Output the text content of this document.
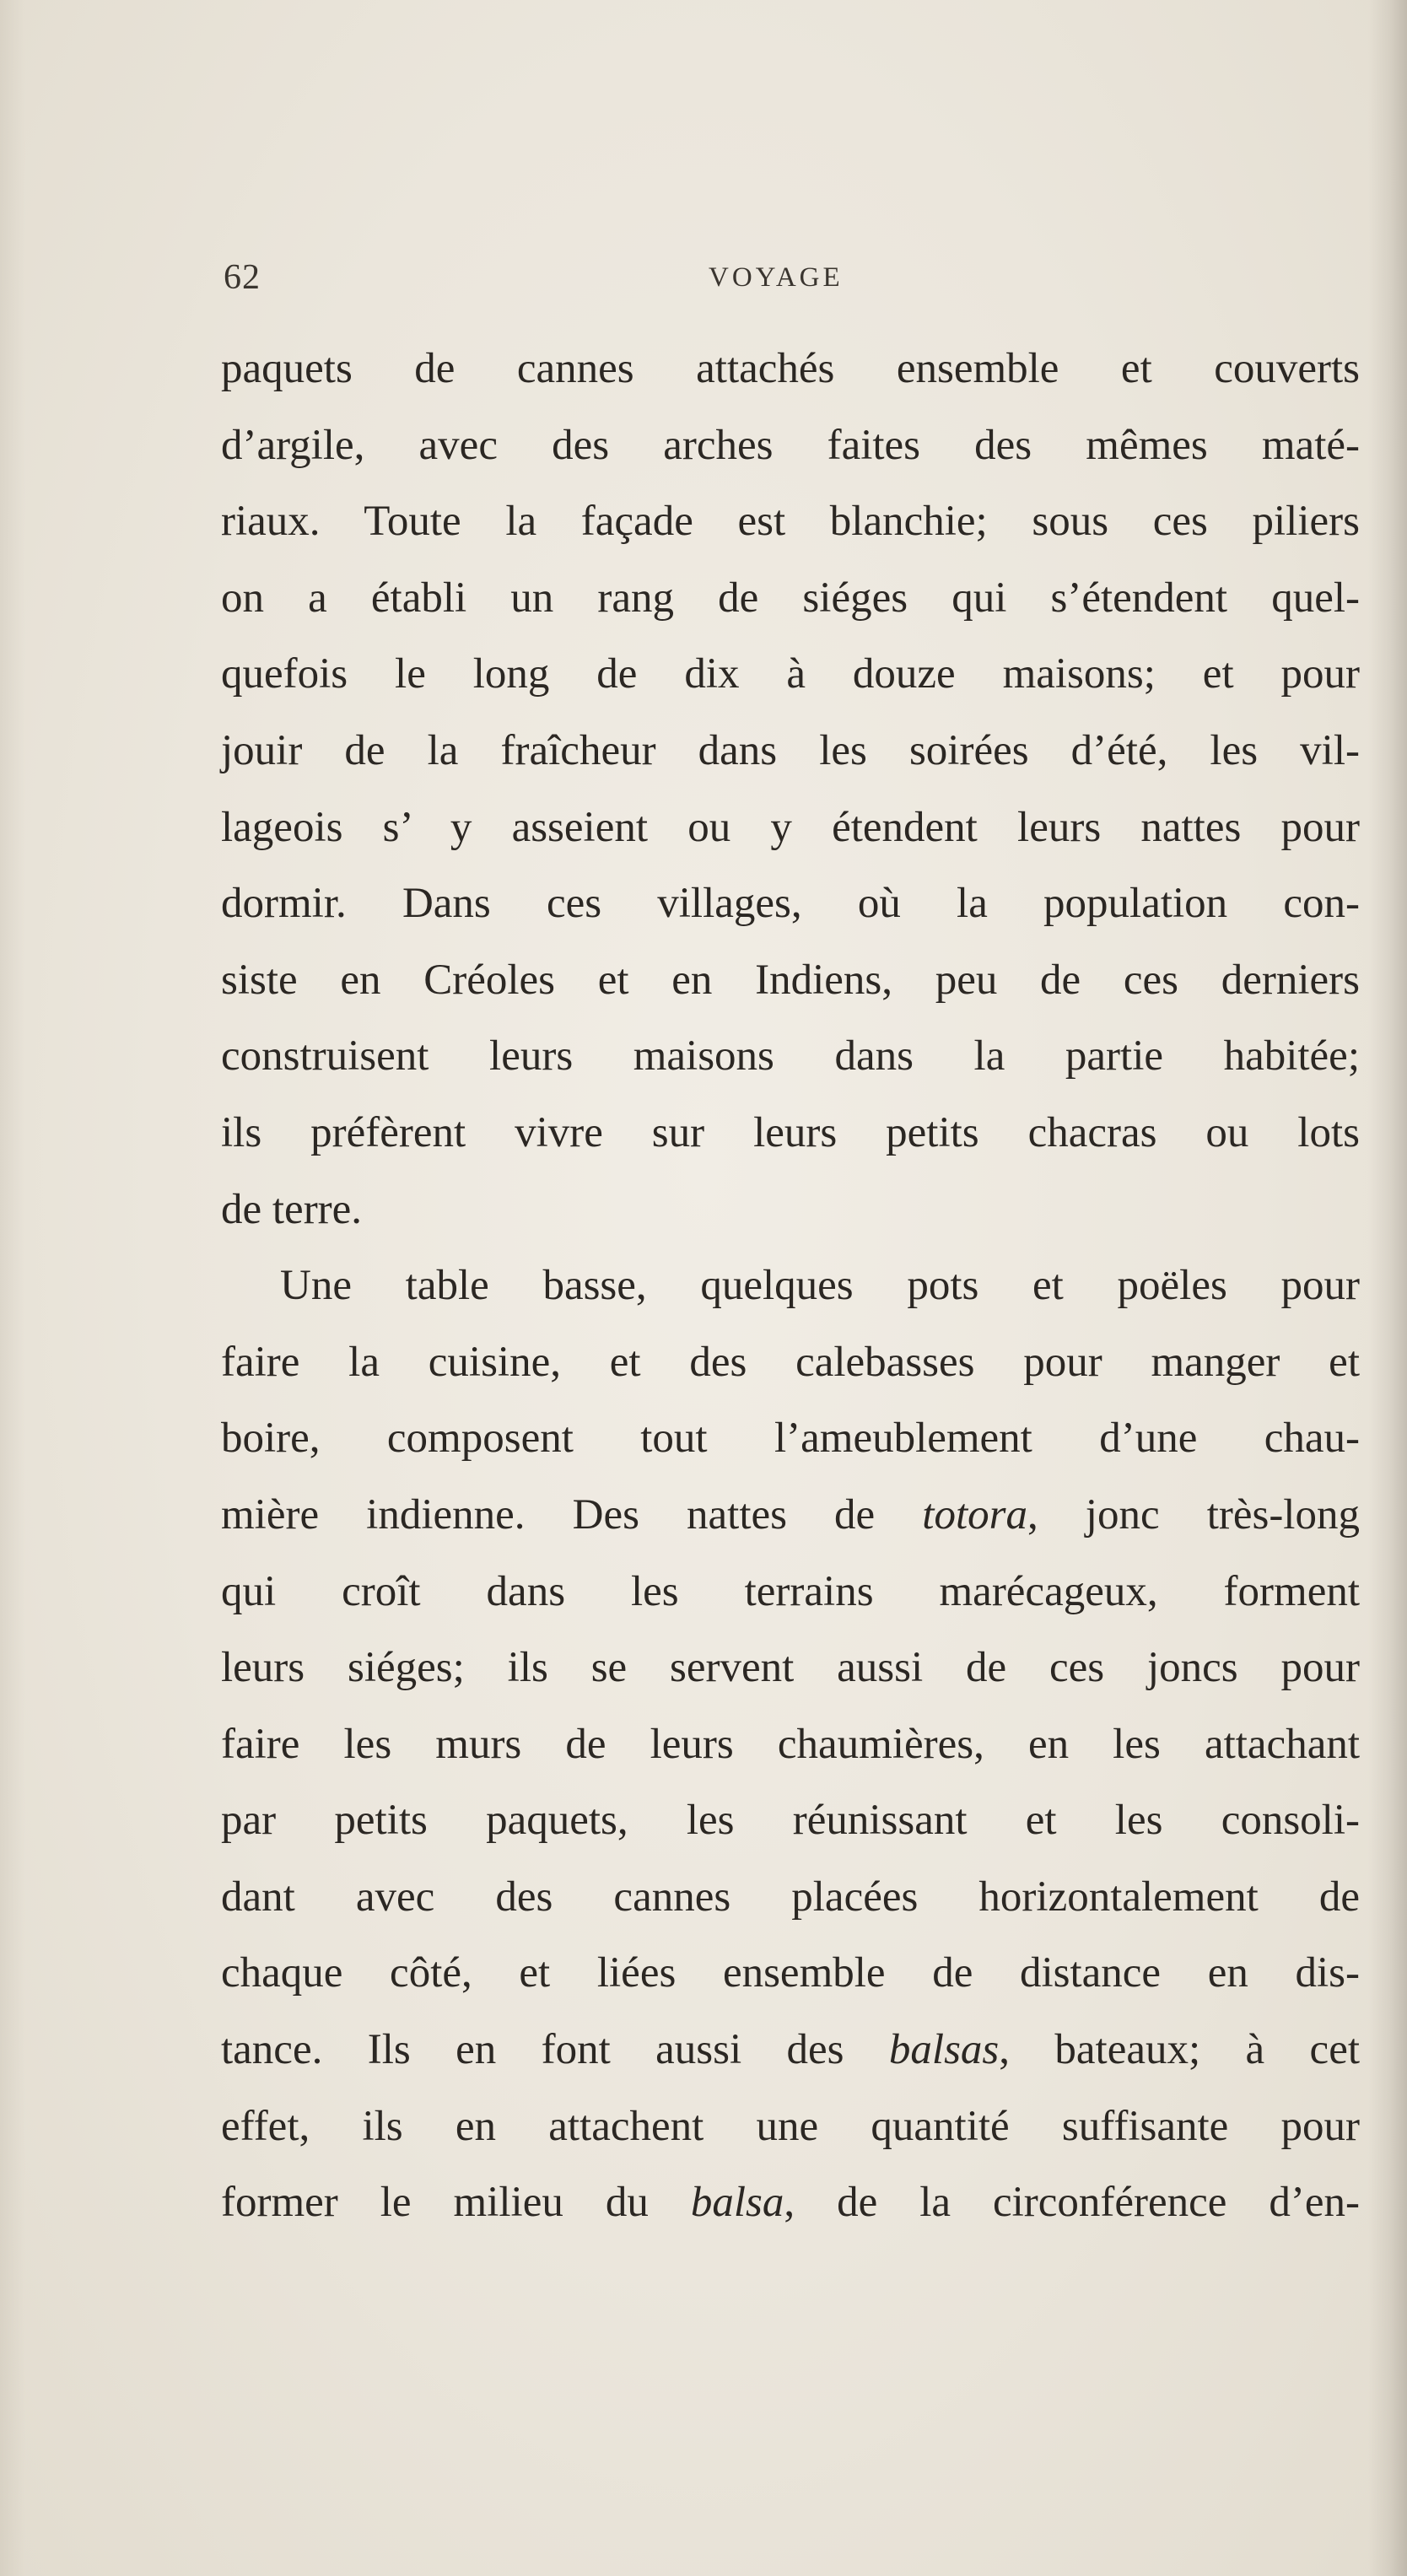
62	VOYAGE
paquets de cannes attachés ensemble et couverts
d’argile, avec des arches faites des mêmes maté-
riaux. Toute la façade est blanchie; sous ces piliers
on a établi un rang de siéges qui s’étendent quel-
quefois le long de dix à douze maisons; et pour
jouir de la fraîcheur dans les soirées d’été, les vil-
lageois s’ y asseient ou y étendent leurs nattes pour
dormir. Dans ces villages, où la population con-
siste en Créoles et en Indiens, peu de ces derniers
construisent leurs maisons dans la partie habitée;
ils préfèrent vivre sur leurs petits chacras ou lots
de terre.
Une table basse, quelques pots et poëles pour
faire la cuisine, et des calebasses pour manger et
boire, composent tout l’ameublement d’une chau-
mière indienne. Des nattes de totora, jonc très-long
qui croît dans les terrains marécageux, forment
leurs siéges; ils se servent aussi de ces joncs pour
faire les murs de leurs chaumières, en les attachant
par petits paquets, les réunissant et les consoli-
dant avec des cannes placées horizontalement de
chaque côté, et liées ensemble de distance en dis-
tance. Ils en font aussi des balsas, bateaux; à cet
effet, ils en attachent une quantité suffisante pour
former le milieu du balsa, de la circonférence d’en-
